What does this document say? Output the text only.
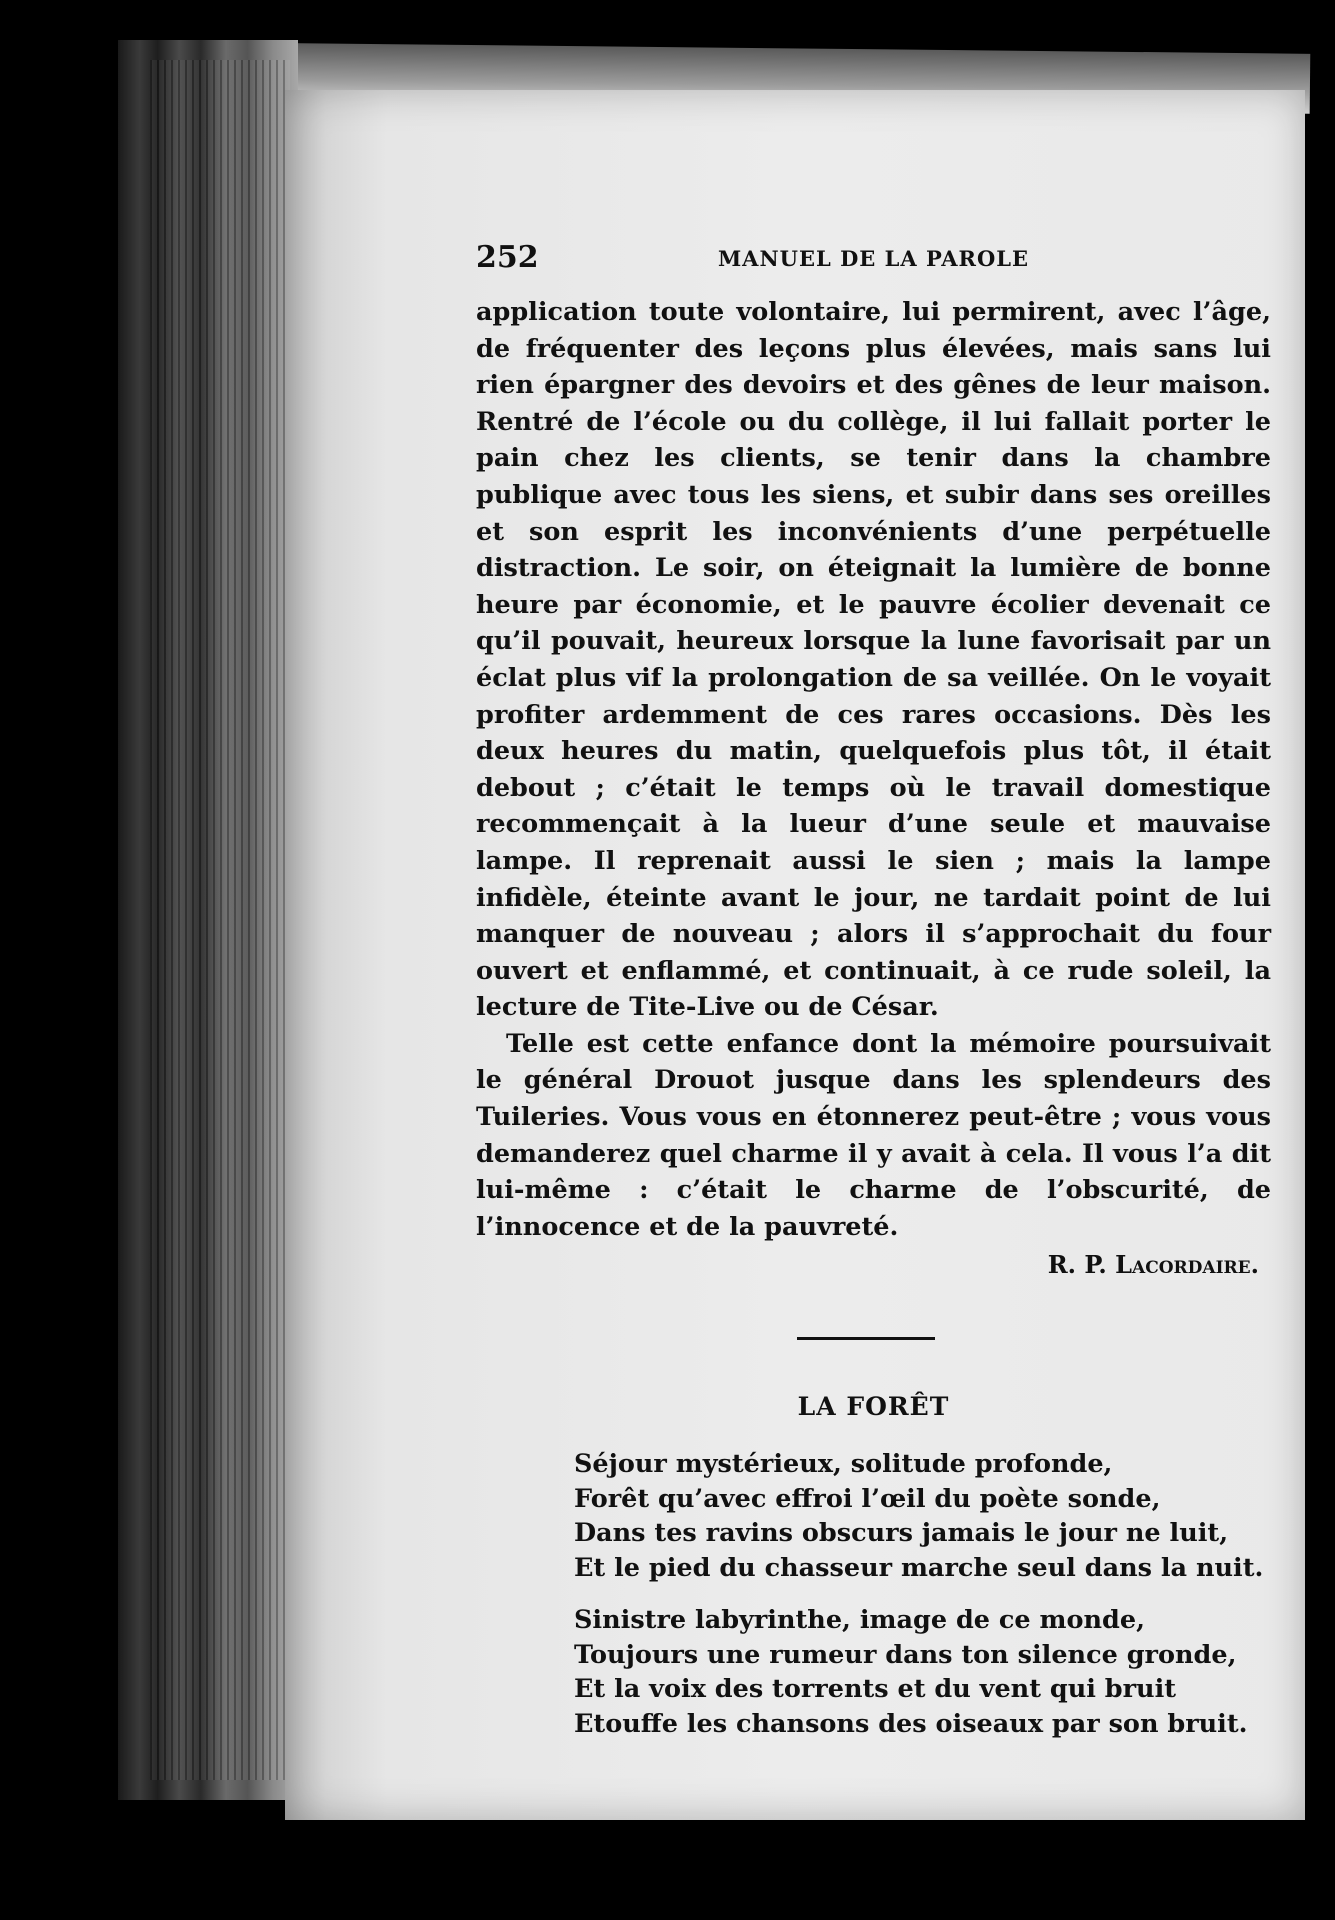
252	MANUEL DE LA PAROLE

application toute volontaire, lui permirent, avec l’âge, de fréquenter des leçons plus élevées, mais sans lui rien épargner des devoirs et des gênes de leur maison. Rentré de l’école ou du collège, il lui fallait porter le pain chez les clients, se tenir dans la chambre publique avec tous les siens, et subir dans ses oreilles et son esprit les inconvénients d’une perpétuelle distraction. Le soir, on éteignait la lumière de bonne heure par économie, et le pauvre écolier devenait ce qu’il pouvait, heureux lorsque la lune favorisait par un éclat plus vif la prolongation de sa veillée. On le voyait profiter ardemment de ces rares occasions. Dès les deux heures du matin, quelquefois plus tôt, il était debout ; c’était le temps où le travail domestique recommençait à la lueur d’une seule et mauvaise lampe. Il reprenait aussi le sien ; mais la lampe infidèle, éteinte avant le jour, ne tardait point de lui manquer de nouveau ; alors il s’approchait du four ouvert et enflammé, et continuait, à ce rude soleil, la lecture de Tite-Live ou de César.

Telle est cette enfance dont la mémoire poursuivait le général Drouot jusque dans les splendeurs des Tuileries. Vous vous en étonnerez peut-être ; vous vous demanderez quel charme il y avait à cela. Il vous l’a dit lui-même : c’était le charme de l’obscurité, de l’innocence et de la pauvreté.

R. P. Lacordaire.
LA FORÊT
Séjour mystérieux, solitude profonde,
Forêt qu’avec effroi l’œil du poète sonde,
Dans tes ravins obscurs jamais le jour ne luit,
Et le pied du chasseur marche seul dans la nuit.
Sinistre labyrinthe, image de ce monde,
Toujours une rumeur dans ton silence gronde,
Et la voix des torrents et du vent qui bruit
Etouffe les chansons des oiseaux par son bruit.
